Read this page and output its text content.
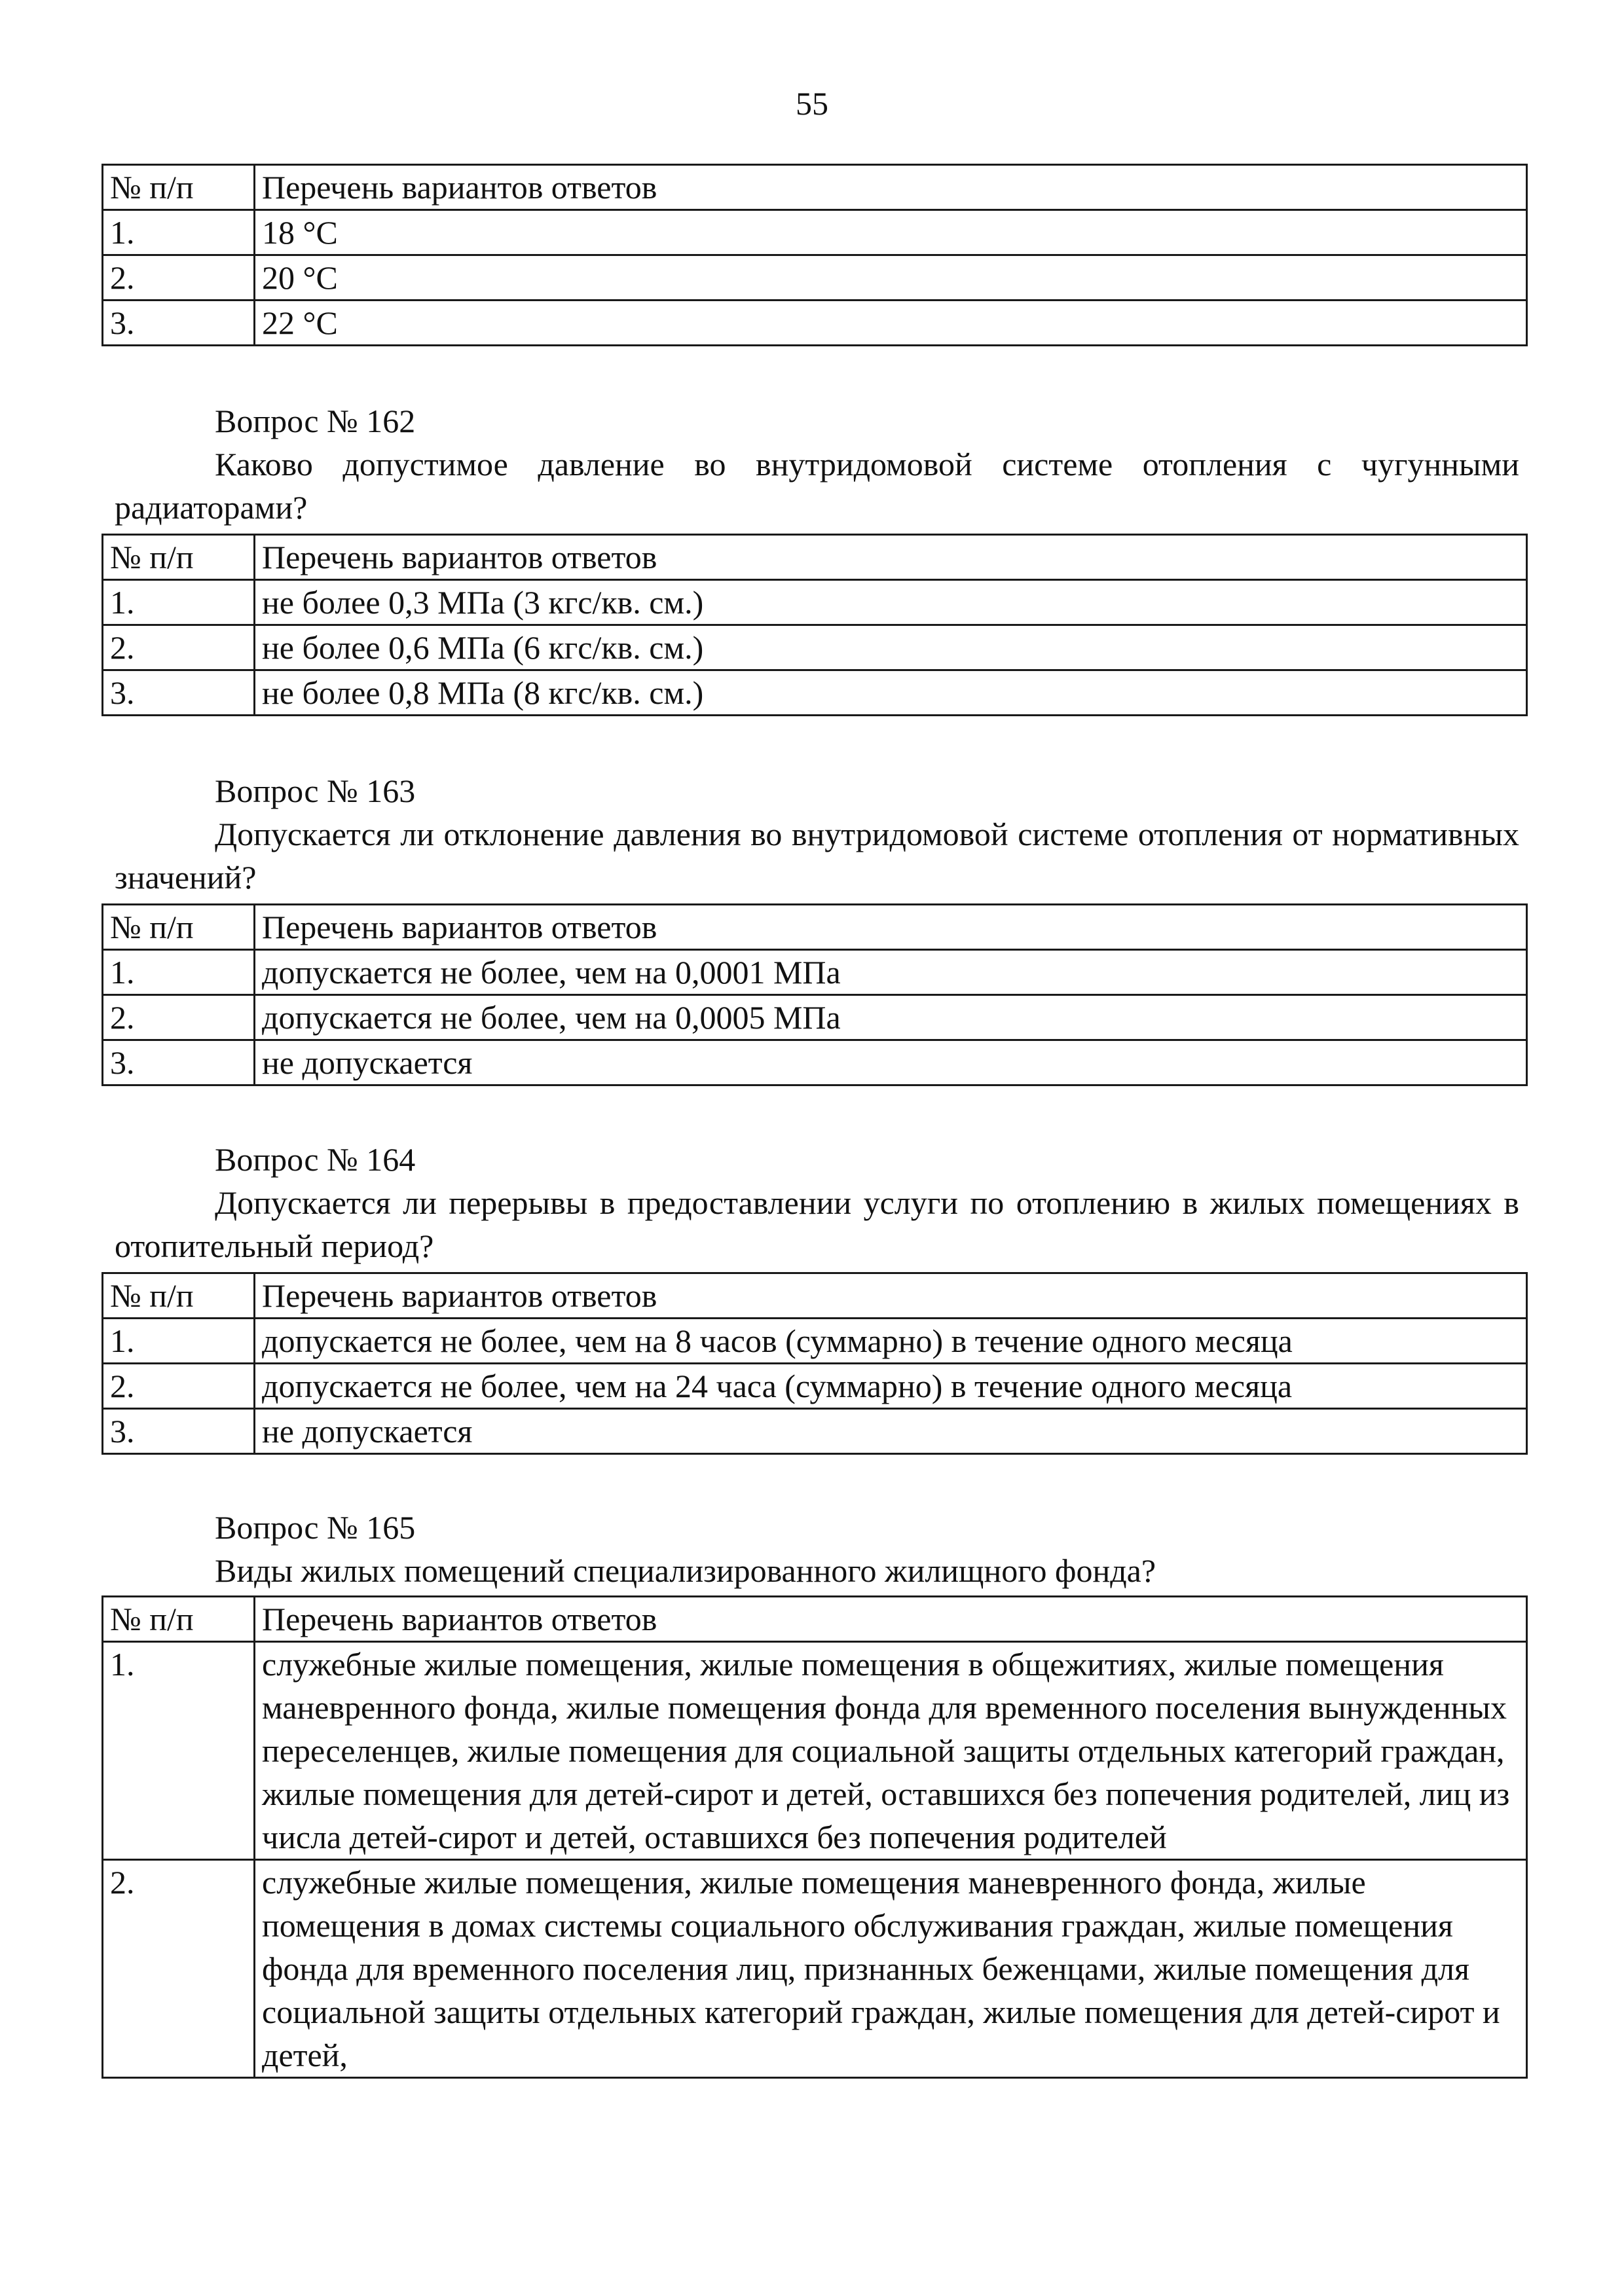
55
№ п/п	Перечень вариантов ответов
1.	18 °С
2.	20 °С
3.	22 °С
Вопрос № 162
Каково допустимое давление во внутридомовой системе отопления с чугунными радиаторами?
№ п/п	Перечень вариантов ответов
1.	не более 0,3 МПа (3 кгс/кв. см.)
2.	не более 0,6 МПа (6 кгс/кв. см.)
3.	не более 0,8 МПа (8 кгс/кв. см.)
Вопрос № 163
Допускается ли отклонение давления во внутридомовой системе отопления от нормативных значений?
№ п/п	Перечень вариантов ответов
1.	допускается не более, чем на 0,0001 МПа
2.	допускается не более, чем на 0,0005 МПа
3.	не допускается
Вопрос № 164
Допускается ли перерывы в предоставлении услуги по отоплению в жилых помещениях в отопительный период?
№ п/п	Перечень вариантов ответов
1.	допускается не более, чем на 8 часов (суммарно) в течение одного месяца
2.	допускается не более, чем на 24 часа (суммарно) в течение одного месяца
3.	не допускается
Вопрос № 165
Виды жилых помещений специализированного жилищного фонда?
№ п/п	Перечень вариантов ответов
1.	служебные жилые помещения, жилые помещения в общежитиях, жилые помещения маневренного фонда, жилые помещения фонда для временного поселения вынужденных переселенцев, жилые помещения для социальной защиты отдельных категорий граждан, жилые помещения для детей-сирот и детей, оставшихся без попечения родителей, лиц из числа детей-сирот и детей, оставшихся без попечения родителей
2.	служебные жилые помещения, жилые помещения маневренного фонда, жилые помещения в домах системы социального обслуживания граждан, жилые помещения фонда для временного поселения лиц, признанных беженцами, жилые помещения для социальной защиты отдельных категорий граждан, жилые помещения для детей-сирот и детей,
